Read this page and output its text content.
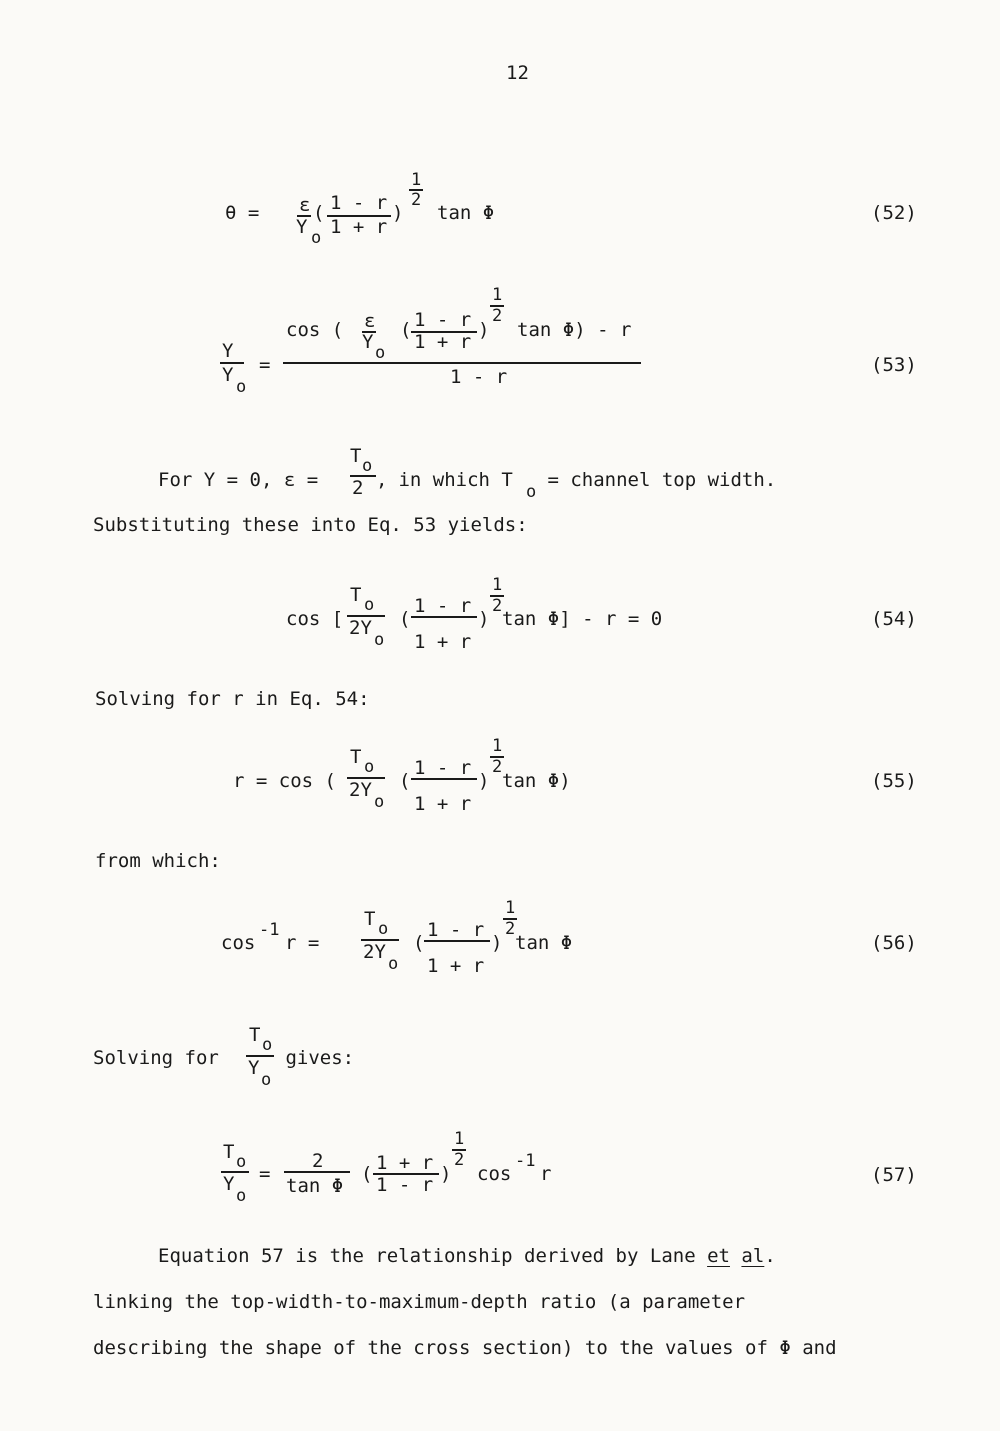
12
θ = ε
Y o
( 1 - r
1 + r
)
1
2
tan Φ	(52)
Y
Y
o
=
cos ( ε
Y o
( 1 - r
1 + r
)
1
2
tan Φ) - r
1 - r
(53)
For Y = 0, ε =
T o
2 , in which T
o
= channel top width.
Substituting these into Eq. 53 yields:
cos [
T o
2Y
o
(
1 - r
1 + r
)
1
2
tan Φ] - r = 0	(54)
Solving for r in Eq. 54:
r = cos (
T o
2Y
o
(
1 - r
1 + r
)
1
2
tan Φ)	(55)
from which:
cos
-1
r =
T o
2Y
o
(
1 - r
1 + r
)
1
2
tan Φ	(56)
Solving for
T o
Y
o
gives:
T o
Y
o
=
2
tan Φ
( 1 + r
1 - r )
1
2
cos
-1
r	(57)
Equation 57 is the relationship derived by Lane et al.
linking the top-width-to-maximum-depth ratio (a parameter
describing the shape of the cross section) to the values of Φ and
